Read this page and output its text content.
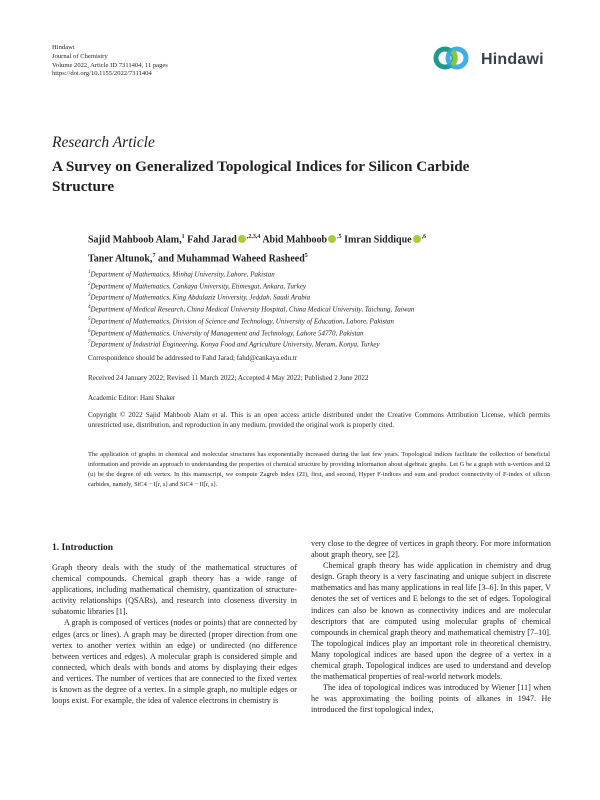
Hindawi
Journal of Chemistry
Volume 2022, Article ID 7311404, 11 pages
https://doi.org/10.1155/2022/7311404
Hindawi
Research Article
A Survey on Generalized Topological Indices for Silicon Carbide Structure
Sajid Mahboob Alam,$^1$ Fahd Jarad $^{,2,3,4}$ Abid Mahboob $^{,5}$ Imran Siddique $^{,6}$
Taner Altunok,$^7$ and Muhammad Waheed Rasheed$^5$
$^1$Department of Mathematics, Minhaj University, Lahore, Pakistan
$^2$Department of Mathematics, Cankaya University, Etimesgut, Ankara, Turkey
$^3$Department of Mathematics, King Abdulaziz University, Jeddah, Saudi Arabia
$^4$Department of Medical Research, China Medical University Hospital, China Medical University, Taichung, Taiwan
$^5$Department of Mathematics, Division of Science and Technology, University of Education, Lahore, Pakistan
$^6$Department of Mathematics, University of Management and Technology, Lahore 54770, Pakistan
$^7$Department of Industrial Engineering, Konya Food and Agriculture University, Meram, Konya, Turkey
Correspondence should be addressed to Fahd Jarad; fahd@cankaya.edu.tr
Received 24 January 2022; Revised 11 March 2022; Accepted 4 May 2022; Published 2 June 2022
Academic Editor: Hani Shaker
Copyright © 2022 Sajid Mahboob Alam et al. This is an open access article distributed under the Creative Commons Attribution License, which permits unrestricted use, distribution, and reproduction in any medium, provided the original work is properly cited.
The application of graphs in chemical and molecular structures has exponentially increased during the last few years. Topological indices facilitate the collection of beneficial information and provide an approach to understanding the properties of chemical structure by providing information about algebraic graphs. Let G be a graph with u-vertices and Ω (u) be the degree of uth vertex. In this manuscript, we compute Zagreb index (ZI), first, and second, Hyper F-indices and sum and product connectivity of F-index of silicon carbides, namely, SiC4 − I[r, s] and SiC4 − II[r, s].
1. Introduction

Graph theory deals with the study of the mathematical structures of chemical compounds. Chemical graph theory has a wide range of applications, including mathematical chemistry, quantization of structure-activity relationships (QSARs), and research into closeness diversity in subatomic libraries [1].

A graph is composed of vertices (nodes or points) that are connected by edges (arcs or lines). A graph may be directed (proper direction from one vertex to another vertex within an edge) or undirected (no difference between vertices and edges). A molecular graph is considered simple and connected, which deals with bonds and atoms by displaying their edges and vertices. The number of vertices that are connected to the fixed vertex is known as the degree of a vertex. In a simple graph, no multiple edges or loops exist. For example, the idea of valence electrons in chemistry is

very close to the degree of vertices in graph theory. For more information about graph theory, see [2].

Chemical graph theory has wide application in chemistry and drug design. Graph theory is a very fascinating and unique subject in discrete mathematics and has many applications in real life [3–6]. In this paper, V denotes the set of vertices and E belongs to the set of edges. Topological indices can also be known as connectivity indices and are molecular descriptors that are computed using molecular graphs of chemical compounds in chemical graph theory and mathematical chemistry [7–10]. The topological indices play an important role in theoretical chemistry. Many topological indices are based upon the degree of a vertex in a chemical graph. Topological indices are used to understand and develop the mathematical properties of real-world network models.

The idea of topological indices was introduced by Wiener [11] when he was approximating the boiling points of alkanes in 1947. He introduced the first topological index,
